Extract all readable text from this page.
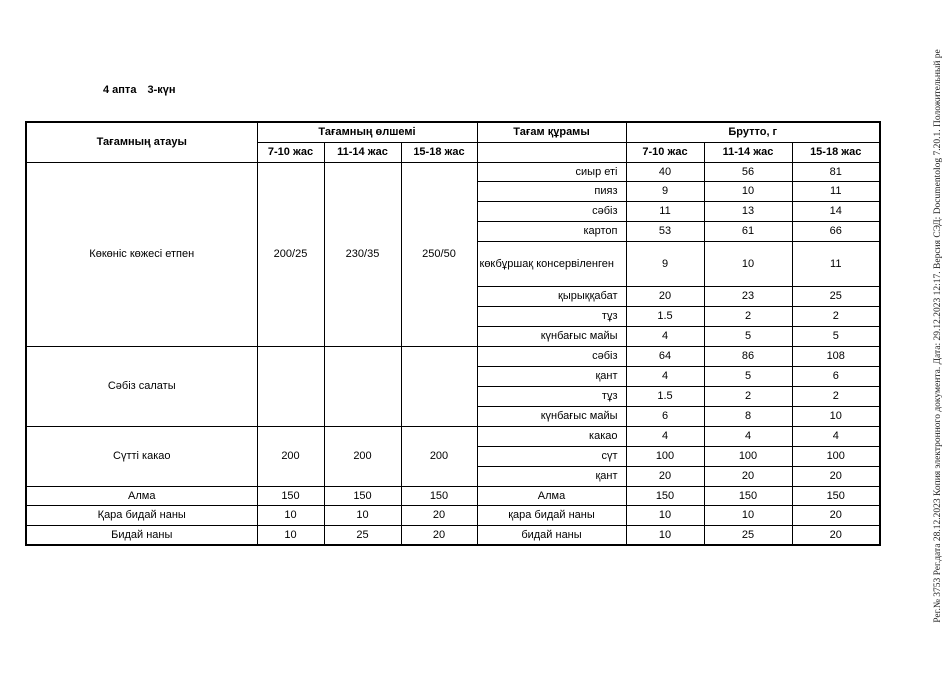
4 апта 3-күн
Тағамның атауы	Тағамның өлшемі			Тағам құрамы	Брутто, г		
	7-10 жас	11-14 жас	15-18 жас		7-10 жас	11-14 жас	15-18 жас
Көкөніс көжесі етпен	200/25	230/35	250/50	сиыр еті	40	56	81
				пияз	9	10	11
				сәбіз	11	13	14
				картоп	53	61	66
				көкбұршақ консервіленген	9	10	11
				қырыққабат	20	23	25
				тұз	1.5	2	2
				күнбағыс майы	4	5	5
Сәбіз салаты				сәбіз	64	86	108
				қант	4	5	6
				тұз	1.5	2	2
				күнбағыс майы	6	8	10
Сүтті какао	200	200	200	какао	4	4	4
				сүт	100	100	100
				қант	20	20	20
Алма	150	150	150	Алма	150	150	150
Қара бидай наны	10	10	20	қара бидай наны	10	10	20
Бидай наны	10	25	20	бидай наны	10	25	20	Рег.№ 3753 Рег.дата 28.12.2023 Копия электронного документа. Дата: 29.12.2023 12:17. Версия СЭД: Documentolog 7.20.1. Положительный ре
